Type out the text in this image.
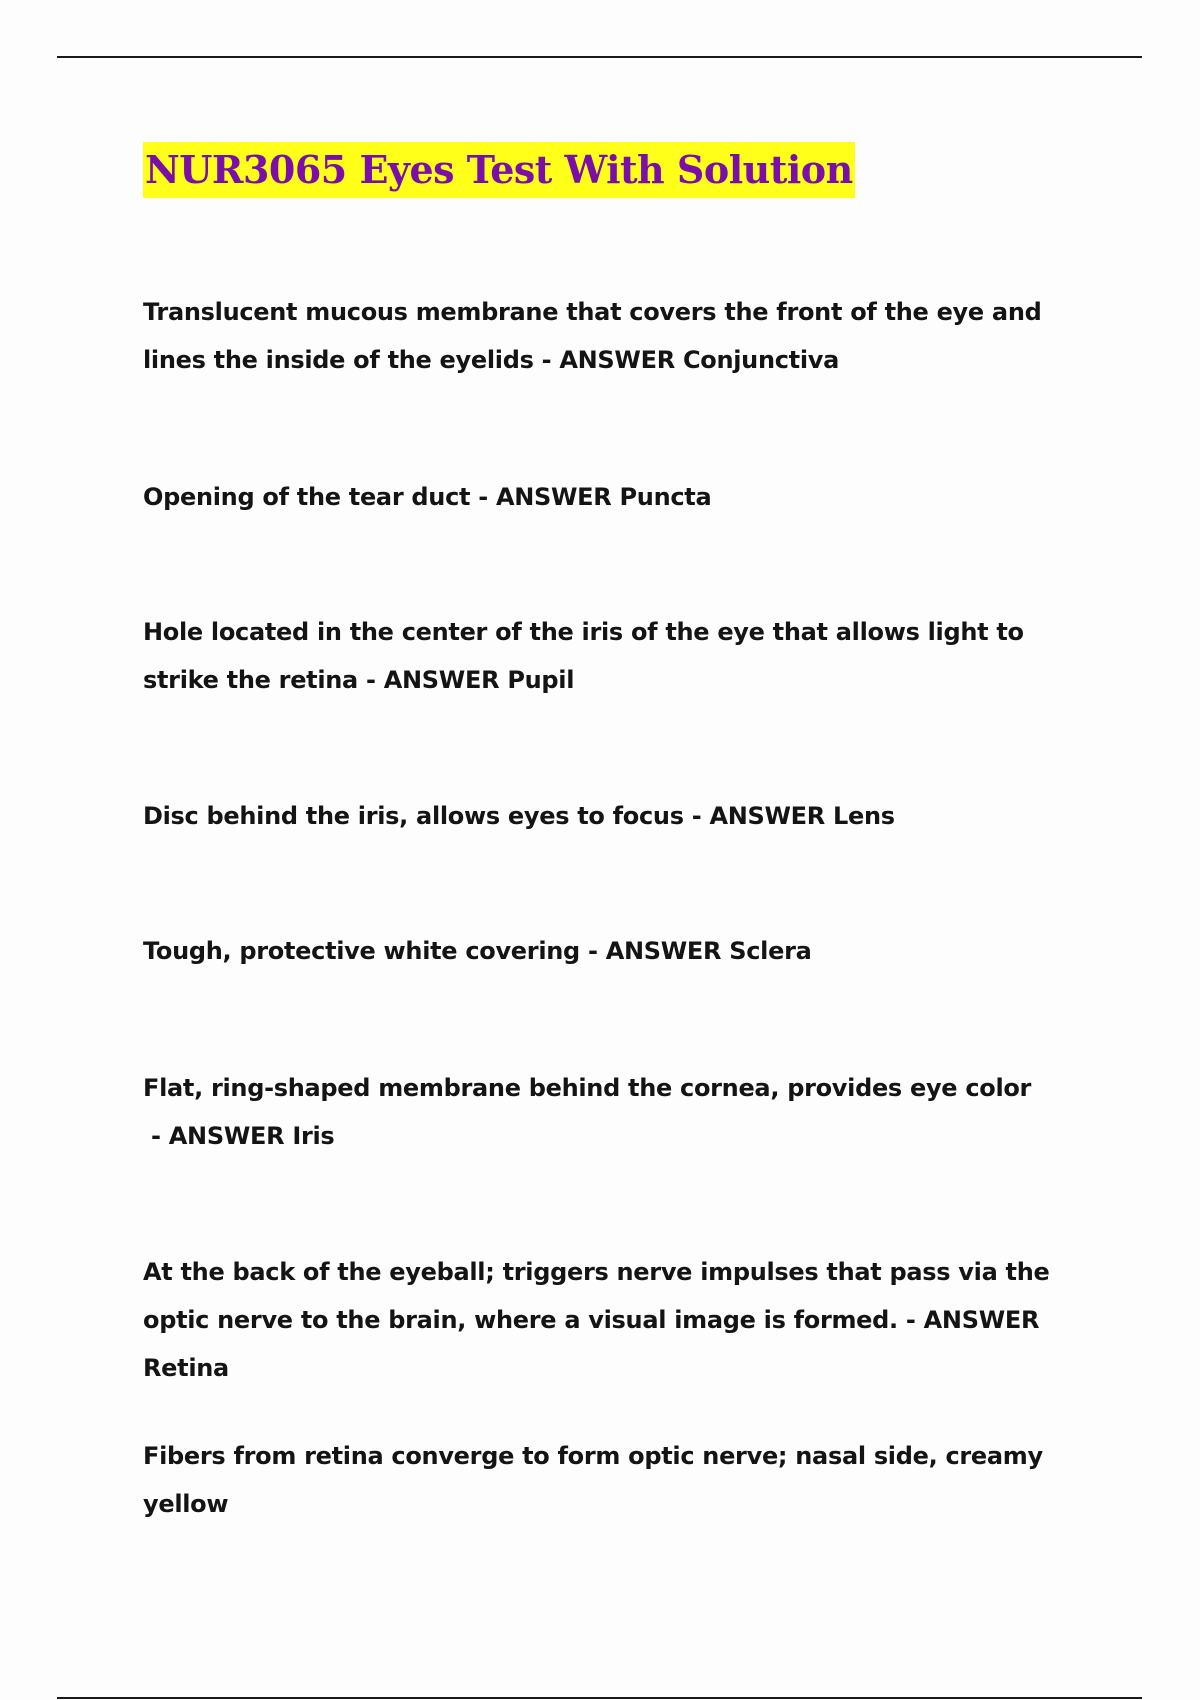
NUR3065 Eyes Test With Solution
Translucent mucous membrane that covers the front of the eye and lines the inside of the eyelids - ANSWER Conjunctiva
Opening of the tear duct - ANSWER Puncta
Hole located in the center of the iris of the eye that allows light to strike the retina - ANSWER Pupil
Disc behind the iris, allows eyes to focus - ANSWER Lens
Tough, protective white covering - ANSWER Sclera
Flat, ring-shaped membrane behind the cornea, provides eye color - ANSWER Iris
At the back of the eyeball; triggers nerve impulses that pass via the optic nerve to the brain, where a visual image is formed. - ANSWER Retina
Fibers from retina converge to form optic nerve; nasal side, creamy yellow
